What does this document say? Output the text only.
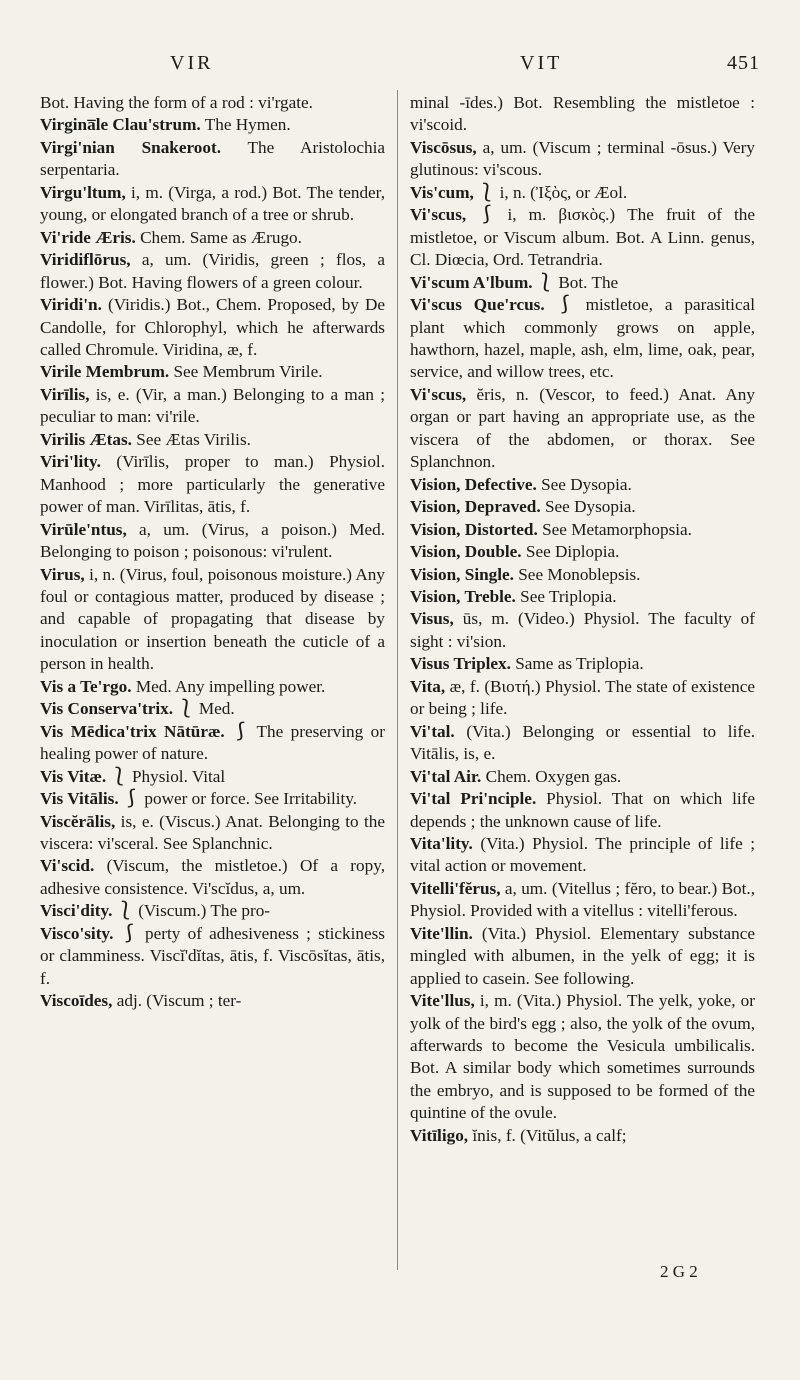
VIR	VIT	451

Bot. Having the form of a rod : vi'rgate.

Virgina̅le Clau'strum. The Hymen.

Virgi'nian Snakeroot. The Aristolochia serpentaria.

Virgu'ltum, i, m. (Virga, a rod.) Bot. The tender, young, or elongated branch of a tree or shrub.

Vi'ride Æris. Chem. Same as Ærugo.

Viridiflōrus, a, um. (Viridis, green ; flos, a flower.) Bot. Having flowers of a green colour.

Viridi'n. (Viridis.) Bot., Chem. Proposed, by De Candolle, for Chlorophyl, which he afterwards called Chromule. Viridina, æ, f.

Virile Membrum. See Membrum Virile.

Virīlis, is, e. (Vir, a man.) Belonging to a man ; peculiar to man: vi'rile.

Virilis Ætas. See Ætas Virilis.

Viri'lity. (Virīlis, proper to man.) Physiol. Manhood ; more particularly the generative power of man. Virīlitas, ātis, f.

Virūle'ntus, a, um. (Virus, a poison.) Med. Belonging to poison ; poisonous: vi'rulent.

Virus, i, n. (Virus, foul, poisonous moisture.) Any foul or contagious matter, produced by disease ; and capable of propagating that disease by inoculation or insertion beneath the cuticle of a person in health.

Vis a Te'rgo. Med. Any impelling power.

Vis Conserva'trix. ⎱ Med.

Vis Mēdica'trix Nātūræ. ⎰ The preserving or healing power of nature.

Vis Vitæ. ⎱ Physiol. Vital

Vis Vitālis. ⎰ power or force. See Irritability.

Viscĕrālis, is, e. (Viscus.) Anat. Belonging to the viscera: vi'sceral. See Splanchnic.

Vi'scid. (Viscum, the mistletoe.) Of a ropy, adhesive consistence. Vi'scĭdus, a, um.

Visci'dity. ⎱ (Viscum.) The pro-

Visco'sity. ⎰ perty of adhesiveness ; stickiness or clamminess. Viscĭ'dĭtas, ātis, f. Viscōsĭtas, ātis, f.

Viscoīdes, adj. (Viscum ; ter-

minal -īdes.) Bot. Resembling the mistletoe : vi'scoid.

Viscōsus, a, um. (Viscum ; terminal -ōsus.) Very glutinous: vi'scous.

Vis'cum, ⎱ i, n. (Ἰξὸς, or Æol.

Vi'scus, ⎰ i, m. βισκὸς.) The fruit of the mistletoe, or Viscum album. Bot. A Linn. genus, Cl. Diœcia, Ord. Tetrandria.

Vi'scum A'lbum. ⎱ Bot. The

Vi'scus Que'rcus. ⎰ mistletoe, a parasitical plant which commonly grows on apple, hawthorn, hazel, maple, ash, elm, lime, oak, pear, service, and willow trees, etc.

Vi'scus, ĕris, n. (Vescor, to feed.) Anat. Any organ or part having an appropriate use, as the viscera of the abdomen, or thorax. See Splanchnon.

Vision, Defective. See Dysopia.

Vision, Depraved. See Dysopia.

Vision, Distorted. See Metamorphopsia.

Vision, Double. See Diplopia.

Vision, Single. See Monoblepsis.

Vision, Treble. See Triplopia.

Visus, ūs, m. (Video.) Physiol. The faculty of sight : vi'sion.

Visus Triplex. Same as Triplopia.

Vita, æ, f. (Βιοτή.) Physiol. The state of existence or being ; life.

Vi'tal. (Vita.) Belonging or essential to life. Vitālis, is, e.

Vi'tal Air. Chem. Oxygen gas.

Vi'tal Pri'nciple. Physiol. That on which life depends ; the unknown cause of life.

Vita'lity. (Vita.) Physiol. The principle of life ; vital action or movement.

Vitelli'fĕrus, a, um. (Vitellus ; fĕro, to bear.) Bot., Physiol. Provided with a vitellus : vitelli'ferous.

Vite'llin. (Vita.) Physiol. Elementary substance mingled with albumen, in the yelk of egg; it is applied to casein. See following.

Vite'llus, i, m. (Vita.) Physiol. The yelk, yoke, or yolk of the bird's egg ; also, the yolk of the ovum, afterwards to become the Vesicula umbilicalis. Bot. A similar body which sometimes surrounds the embryo, and is supposed to be formed of the quintine of the ovule.

Vitīligo, ĭnis, f. (Vitŭlus, a calf;

2 G 2
